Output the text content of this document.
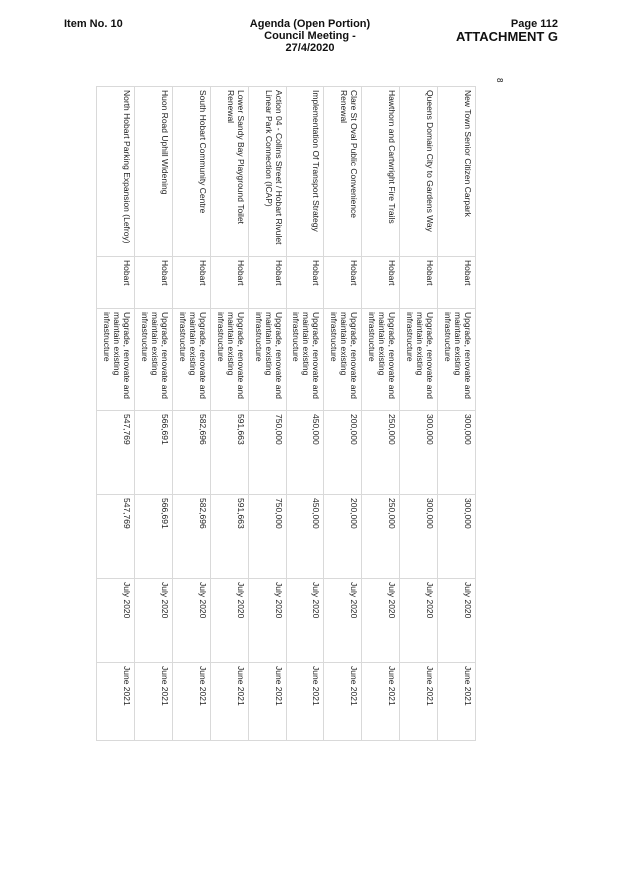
Item No. 10	Agenda (Open Portion)
Council Meeting - 27/4/2020
Page 112
ATTACHMENT G
8
New Town Senior Citizen Carpark	Hobart	Upgrade, renovate and maintain existing infrastructure	300,000	300,000	July 2020	June 2021
Queens Domain City to Gardens Way	Hobart	Upgrade, renovate and maintain existing infrastructure	300,000	300,000	July 2020	June 2021
Hawthorn and Cartwright Fire Trails	Hobart	Upgrade, renovate and maintain existing infrastructure	250,000	250,000	July 2020	June 2021
Clare St Oval Public Convenience Renewal	Hobart	Upgrade, renovate and maintain existing infrastructure	200,000	200,000	July 2020	June 2021
Implementation Of Transport Strategy	Hobart	Upgrade, renovate and maintain existing infrastructure	450,000	450,000	July 2020	June 2021
Action 04 - Collins Street / Hobart Rivulet Linear Park Connection (ICAP)	Hobart	Upgrade, renovate and maintain existing infrastructure	750,000	750,000	July 2020	June 2021
Lower Sandy Bay Playground Toilet Renewal	Hobart	Upgrade, renovate and maintain existing infrastructure	591,663	591,663	July 2020	June 2021
South Hobart Community Centre	Hobart	Upgrade, renovate and maintain existing infrastructure	582,696	582,696	July 2020	June 2021
Huon Road Uphill Widening	Hobart	Upgrade, renovate and maintain existing infrastructure	566,691	566,691	July 2020	June 2021
North Hobart Parking Expansion (Lefroy)	Hobart	Upgrade, renovate and maintain existing infrastructure	547,769	547,769	July 2020	June 2021
